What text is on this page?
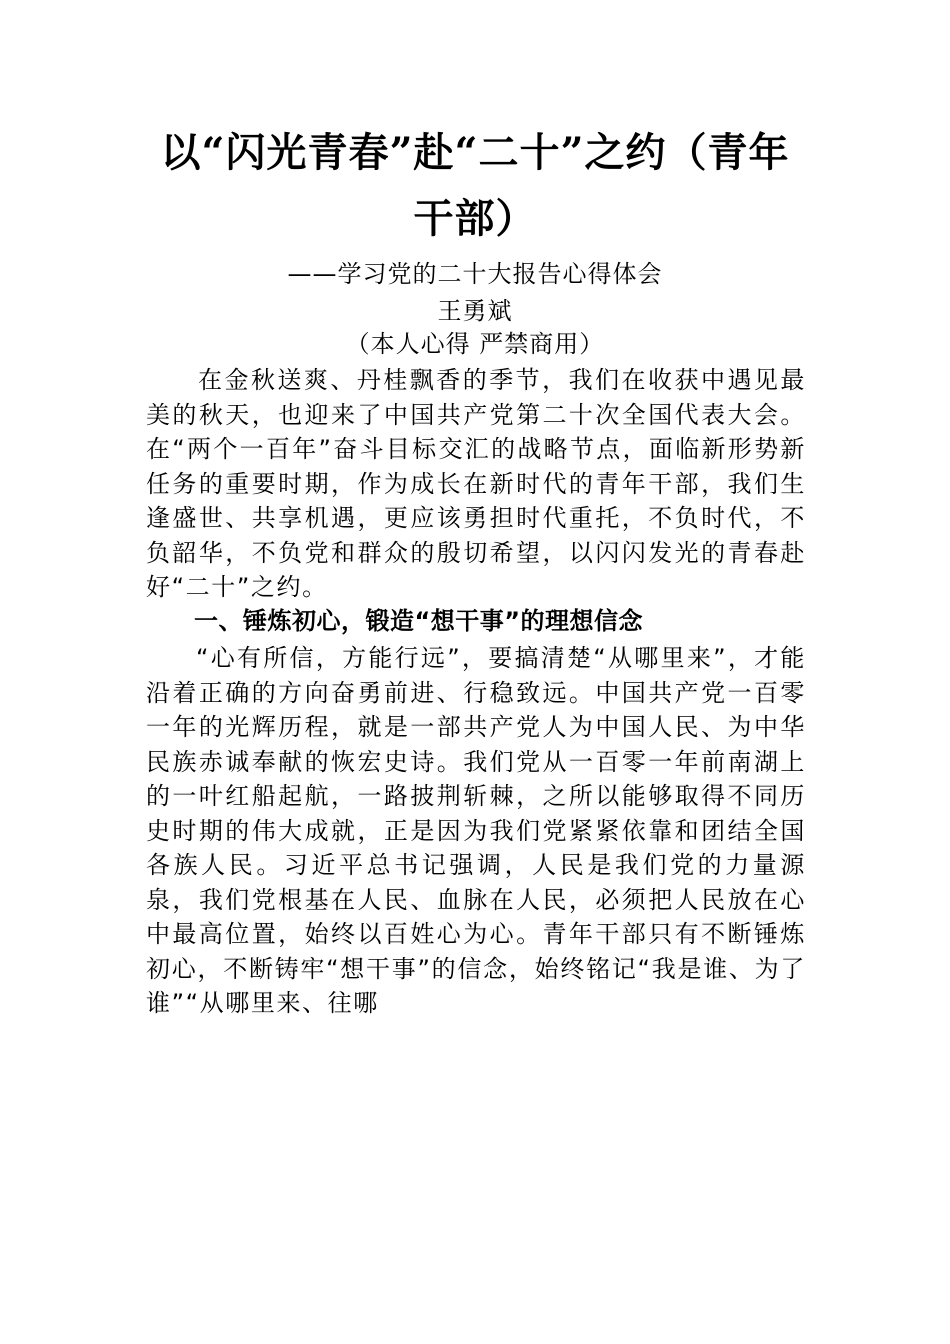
以“闪光青春”赴“二十”之约（青年干部）
——学习党的二十大报告心得体会
王勇斌
（本人心得 严禁商用）
在金秋送爽、丹桂飘香的季节，我们在收获中遇见最美的秋天，也迎来了中国共产党第二十次全国代表大会。在“两个一百年”奋斗目标交汇的战略节点，面临新形势新任务的重要时期，作为成长在新时代的青年干部，我们生逢盛世、共享机遇，更应该勇担时代重托，不负时代，不负韶华，不负党和群众的殷切希望，以闪闪发光的青春赴好“二十”之约。
一、锤炼初心，锻造“想干事”的理想信念
“心有所信，方能行远”，要搞清楚“从哪里来”，才能沿着正确的方向奋勇前进、行稳致远。中国共产党一百零一年的光辉历程，就是一部共产党人为中国人民、为中华民族赤诚奉献的恢宏史诗。我们党从一百零一年前南湖上的一叶红船起航，一路披荆斩棘，之所以能够取得不同历史时期的伟大成就，正是因为我们党紧紧依靠和团结全国各族人民。习近平总书记强调，人民是我们党的力量源泉，我们党根基在人民、血脉在人民，必须把人民放在心中最高位置，始终以百姓心为心。青年干部只有不断锤炼初心，不断铸牢“想干事”的信念，始终铭记“我是谁、为了谁”“从哪里来、往哪
